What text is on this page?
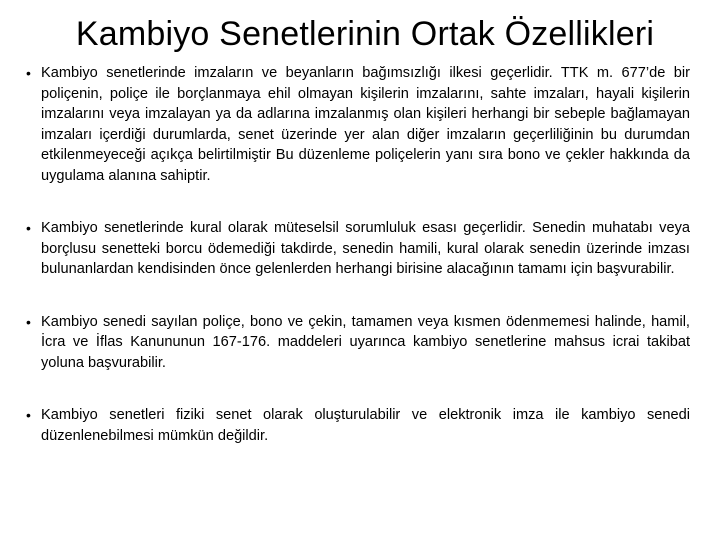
Kambiyo Senetlerinin Ortak Özellikleri
• Kambiyo senetlerinde imzaların ve beyanların bağımsızlığı ilkesi geçerlidir. TTK m. 677’de bir poliçenin, poliçe ile borçlanmaya ehil olmayan kişilerin imzalarını, sahte imzaları, hayali kişilerin imzalarını veya imzalayan ya da adlarına imzalanmış olan kişileri herhangi bir sebeple bağlamayan imzaları içerdiği durumlarda, senet üzerinde yer alan diğer imzaların geçerliliğinin bu durumdan etkilenmeyeceği açıkça belirtilmiştir Bu düzenleme poliçelerin yanı sıra bono ve çekler hakkında da uygulama alanına sahiptir.
• Kambiyo senetlerinde kural olarak müteselsil sorumluluk esası geçerlidir. Senedin muhatabı veya borçlusu senetteki borcu ödemediği takdirde, senedin hamili, kural olarak senedin üzerinde imzası bulunanlardan kendisinden önce gelenlerden herhangi birisine alacağının tamamı için başvurabilir.
• Kambiyo senedi sayılan poliçe, bono ve çekin, tamamen veya kısmen ödenmemesi halinde, hamil, İcra ve İflas Kanununun 167-176. maddeleri uyarınca kambiyo senetlerine mahsus icrai takibat yoluna başvurabilir.
• Kambiyo senetleri fiziki senet olarak oluşturulabilir ve elektronik imza ile kambiyo senedi düzenlenebilmesi mümkün değildir.
